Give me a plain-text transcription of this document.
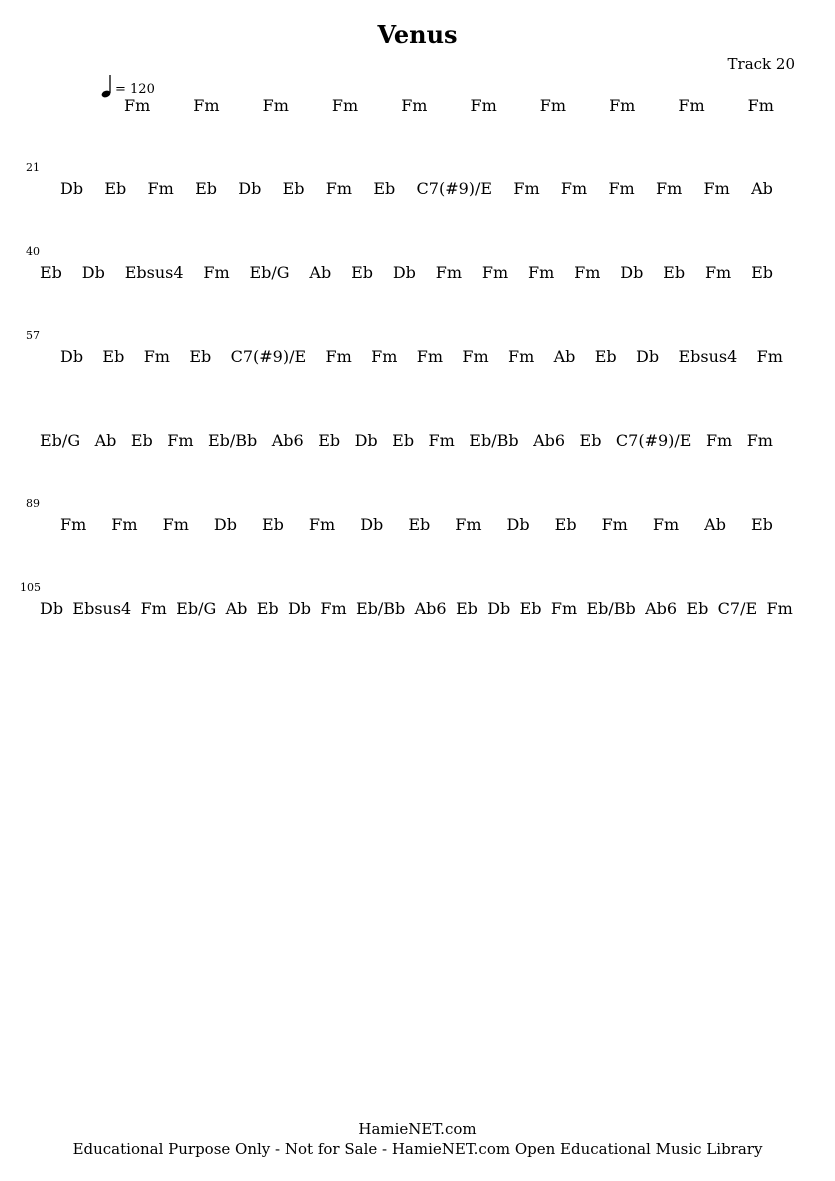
Venus
Track 20
= 120
Fm	Fm	Fm	Fm	Fm	Fm	Fm	Fm	Fm	Fm
21
Db Eb Fm Eb Db Eb Fm Eb C7(#9)/E Fm Fm Fm Fm Fm Ab
40
Eb Db Ebsus4 Fm Eb/G Ab Eb Db Fm Fm Fm Fm Db Eb Fm Eb
57
Db Eb Fm Eb C7(#9)/E Fm Fm Fm Fm Fm Ab Eb Db Ebsus4 Fm
Eb/G Ab Eb Fm Eb/Bb Ab6 Eb Db Eb Fm Eb/Bb Ab6 Eb C7(#9)/E Fm Fm
89
Fm Fm Fm Db Eb Fm Db Eb Fm Db Eb Fm Fm Ab Eb
105
Db Ebsus4 Fm Eb/G Ab Eb Db Fm Eb/Bb Ab6 Eb Db Eb Fm Eb/Bb Ab6 Eb C7/E Fm
HamieNET.com
Educational Purpose Only - Not for Sale - HamieNET.com Open Educational Music Library
